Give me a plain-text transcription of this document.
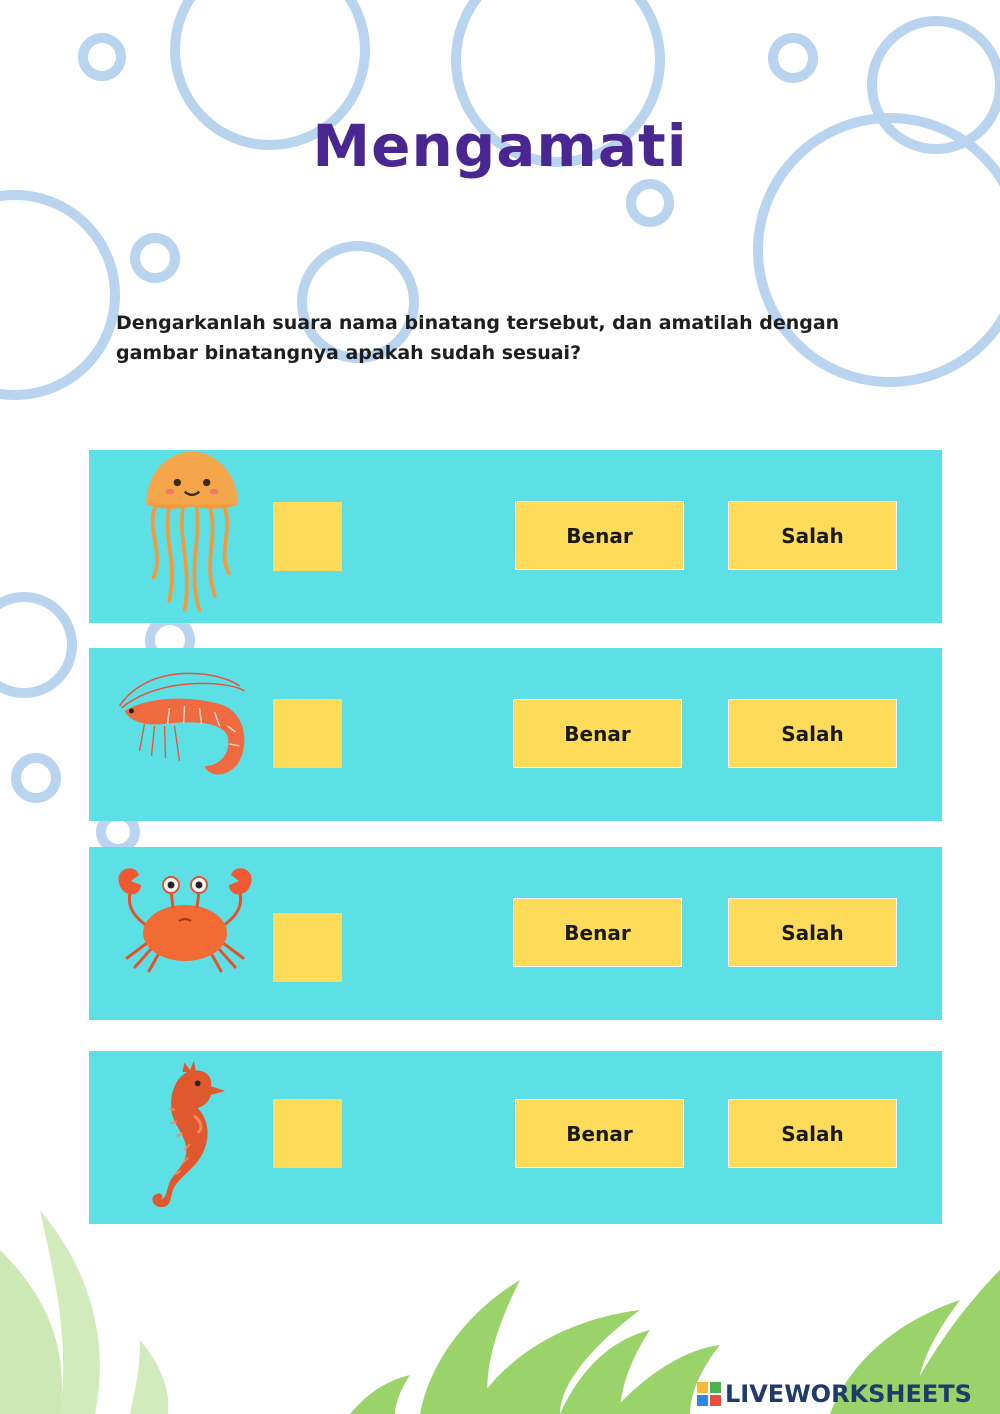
Mengamati

Dengarkanlah suara nama binatang tersebut, dan amatilah dengan
gambar binatangnya apakah sudah sesuai?

Benar	Salah
Benar	Salah
Benar	Salah
Benar	Salah
LIVEWORKSHEETS
